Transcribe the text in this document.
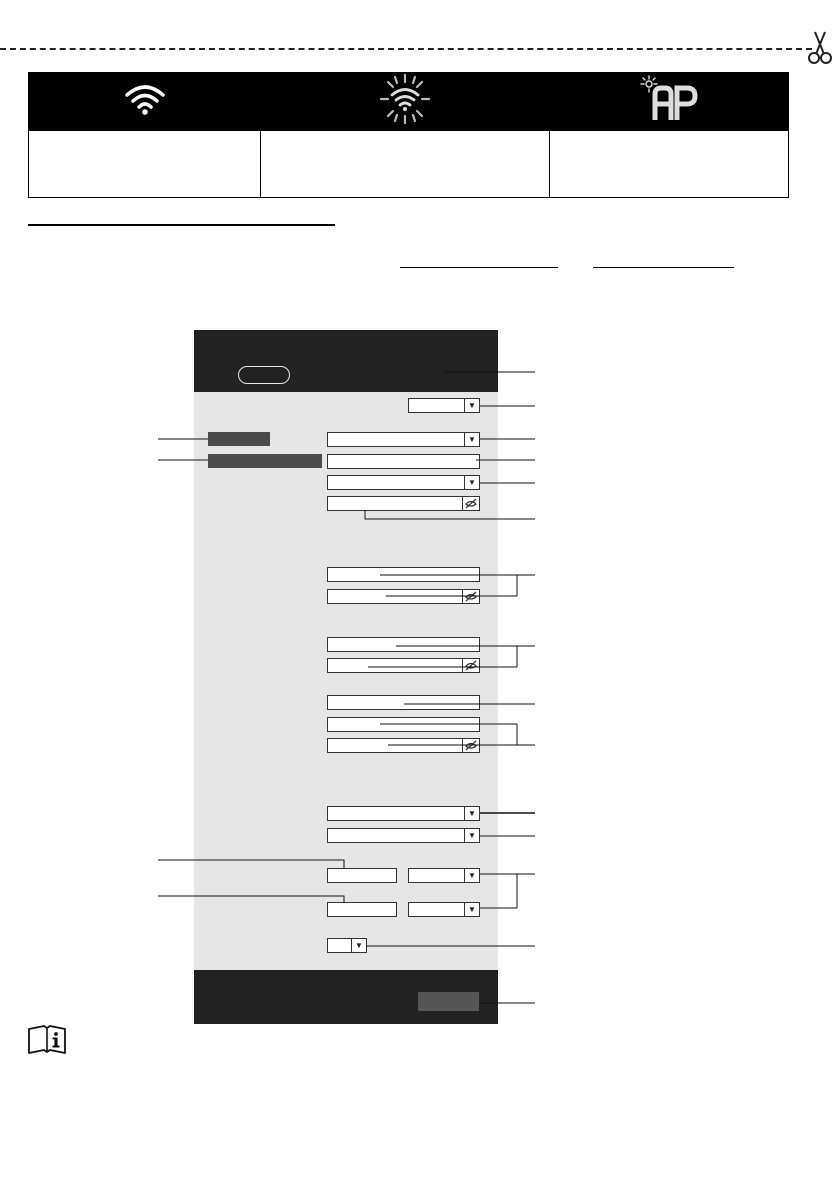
▼
▼
▼
▼
▼
▼
▼
▼
